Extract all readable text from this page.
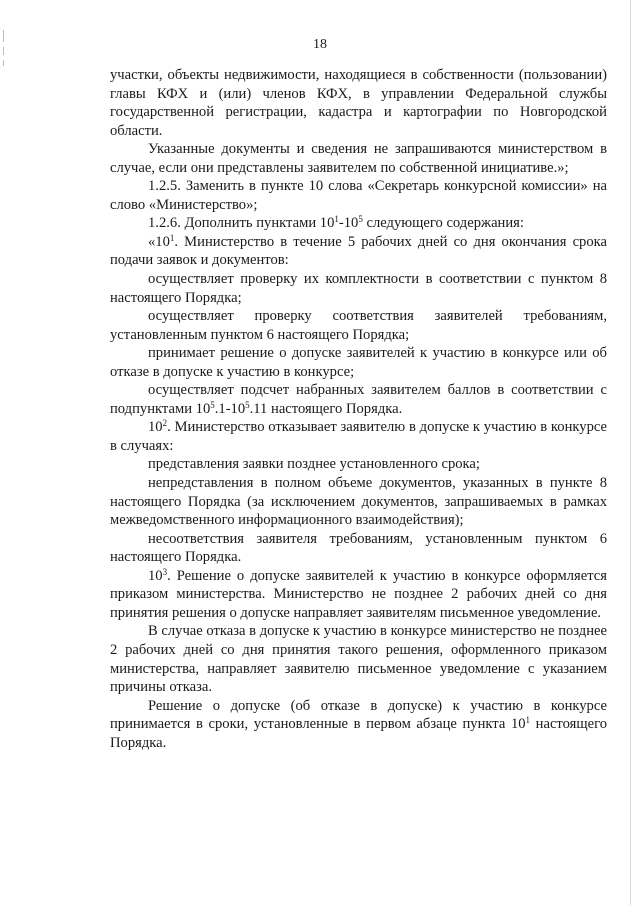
18

участки, объекты недвижимости, находящиеся в собственности (пользовании) главы КФХ и (или) членов КФХ, в управлении Федеральной службы государственной регистрации, кадастра и картографии по Новгородской области.

Указанные документы и сведения не запрашиваются министерством в случае, если они представлены заявителем по собственной инициативе.»;

1.2.5. Заменить в пункте 10 слова «Секретарь конкурсной комиссии» на слово «Министерство»;

1.2.6. Дополнить пунктами $10^1-10^5$ следующего содержания:

«$10^1$. Министерство в течение 5 рабочих дней со дня окончания срока подачи заявок и документов:

осуществляет проверку их комплектности в соответствии с пунктом 8 настоящего Порядка;

осуществляет проверку соответствия заявителей требованиям, установленным пунктом 6 настоящего Порядка;

принимает решение о допуске заявителей к участию в конкурсе или об отказе в допуске к участию в конкурсе;

осуществляет подсчет набранных заявителем баллов в соответствии с подпунктами $10^5.1-10^5.11$ настоящего Порядка.

$10^2$. Министерство отказывает заявителю в допуске к участию в конкурсе в случаях:

представления заявки позднее установленного срока;

непредставления в полном объеме документов, указанных в пункте 8 настоящего Порядка (за исключением документов, запрашиваемых в рамках межведомственного информационного взаимодействия);

несоответствия заявителя требованиям, установленным пунктом 6 настоящего Порядка.

$10^3$. Решение о допуске заявителей к участию в конкурсе оформляется приказом министерства. Министерство не позднее 2 рабочих дней со дня принятия решения о допуске направляет заявителям письменное уведомление.

В случае отказа в допуске к участию в конкурсе министерство не позднее 2 рабочих дней со дня принятия такого решения, оформленного приказом министерства, направляет заявителю письменное уведомление с указанием причины отказа.

Решение о допуске (об отказе в допуске) к участию в конкурсе принимается в сроки, установленные в первом абзаце пункта $10^1$ настоящего Порядка.
